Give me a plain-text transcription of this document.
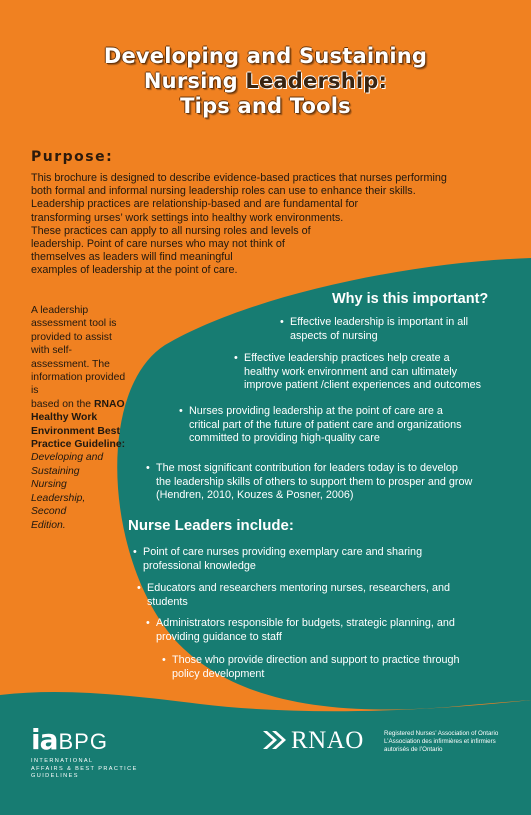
Developing and Sustaining
Nursing Leadership:
Tips and Tools
Purpose:
This brochure is designed to describe evidence-based practices that nurses performing
both formal and informal nursing leadership roles can use to enhance their skills.
Leadership practices are relationship-based and are fundamental for
transforming urses’ work settings into healthy work environments.
These practices can apply to all nursing roles and levels of
leadership. Point of care nurses who may not think of
themselves as leaders will find meaningful
examples of leadership at the point of care.
A leadership assessment tool is
provided to assist with self-
assessment. The
information provided is
based on the RNAO
Healthy Work
Environment Best
Practice Guideline:
Developing and
Sustaining
Nursing
Leadership,
Second
Edition.
Why is this important?
• Effective leadership is important in all
aspects of nursing
• Effective leadership practices help create a
healthy work environment and can ultimately
improve patient /client experiences and outcomes
• Nurses providing leadership at the point of care are a
critical part of the future of patient care and organizations
committed to providing high-quality care
• The most significant contribution for leaders today is to develop
the leadership skills of others to support them to prosper and grow
(Hendren, 2010, Kouzes & Posner, 2006)
Nurse Leaders include:
• Point of care nurses providing exemplary care and sharing
professional knowledge
• Educators and researchers mentoring nurses, researchers, and
students
• Administrators responsible for budgets, strategic planning, and
providing guidance to staff
• Those who provide direction and support to practice through
policy development
iaBPG
INTERNATIONAL
AFFAIRS & BEST PRACTICE
GUIDELINES
RNAO	Registered Nurses’ Association of Ontario
L’Association des infirmières et infirmiers
autorisés de l’Ontario
